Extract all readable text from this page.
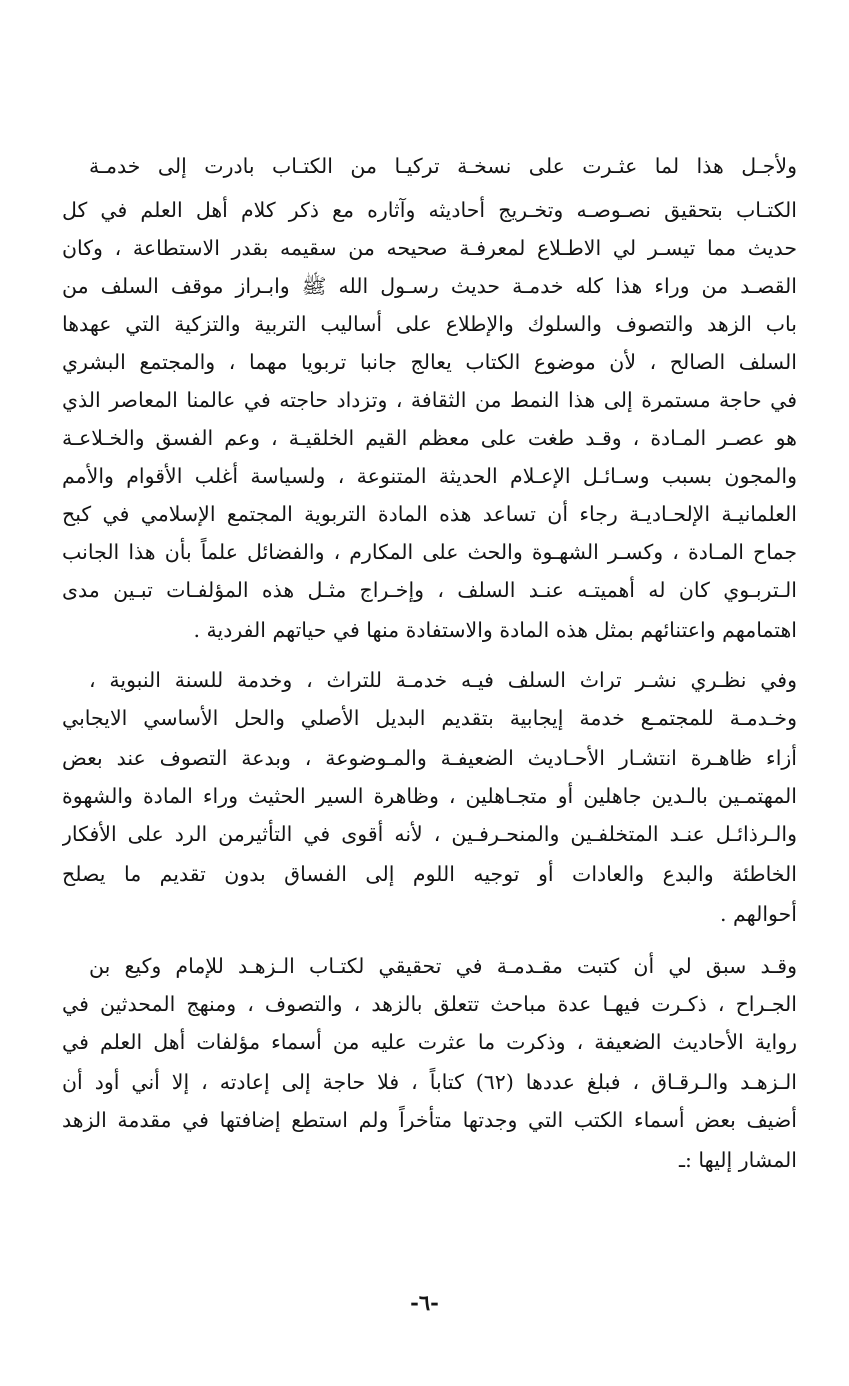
ولأجـل هذا لما عثـرت على نسخـة تركيـا من الكتـاب بادرت إلى خدمـة
الكتـاب بتحقيق نصـوصـه وتخـريج أحاديثه وآثاره مع ذكر كلام أهل العلم في كل
حديث مما تيسـر لي الاطـلاع لمعرفـة صحيحه من سقيمه بقدر الاستطاعة ، وكان
القصـد من وراء هذا كله خدمـة حديث رسـول الله ﷺ وابـراز موقف السلف من
باب الزهد والتصوف والسلوك والإطلاع على أساليب التربية والتزكية التي عهدها
السلف الصالح ، لأن موضوع الكتاب يعالج جانبا تربويا مهما ، والمجتمع البشري
في حاجة مستمرة إلى هذا النمط من الثقافة ، وتزداد حاجته في عالمنا المعاصر الذي
هو عصـر المـادة ، وقـد طغت على معظم القيم الخلقيـة ، وعم الفسق والخـلاعـة
والمجون بسبب وسـائـل الإعـلام الحديثة المتنوعة ، ولسياسة أغلب الأقوام والأمم
العلمانيـة الإلحـاديـة رجاء أن تساعد هذه المادة التربوية المجتمع الإسلامي في كبح
جماح المـادة ، وكسـر الشهـوة والحث على المكارم ، والفضائل علماً بأن هذا الجانب
الـتربـوي كان له أهميتـه عنـد السلف ، وإخـراج مثـل هذه المؤلفـات تبـين مدى
اهتمامهم واعتنائهم بمثل هذه المادة والاستفادة منها في حياتهم الفردية .
وفي نظـري نشـر تراث السلف فيـه خدمـة للتراث ، وخدمة للسنة النبوية ،
وخـدمـة للمجتمـع خدمة إيجابية بتقديم البديل الأصلي والحل الأساسي الايجابي
أزاء ظاهـرة انتشـار الأحـاديث الضعيفـة والمـوضوعة ، وبدعة التصوف عند بعض
المهتمـين بالـدين جاهلين أو متجـاهلين ، وظاهرة السير الحثيث وراء المادة والشهوة
والـرذائـل عنـد المتخلفـين والمنحـرفـين ، لأنه أقوى في التأثيرمن الرد على الأفكار
الخاطئة والبدع والعادات أو توجيه اللوم إلى الفساق بدون تقديم ما يصلح
أحوالهم .
وقـد سبق لي أن كتبت مقـدمـة في تحقيقي لكتـاب الـزهـد للإمام وكيع بن
الجـراح ، ذكـرت فيهـا عدة مباحث تتعلق بالزهد ، والتصوف ، ومنهج المحدثين في
رواية الأحاديث الضعيفة ، وذكرت ما عثرت عليه من أسماء مؤلفات أهل العلم في
الـزهـد والـرقـاق ، فبلغ عددها (٦٢) كتاباً ، فلا حاجة إلى إعادته ، إلا أني أود أن
أضيف بعض أسماء الكتب التي وجدتها متأخراً ولم استطع إضافتها في مقدمة الزهد
المشار إليها :ـ
-٦-
